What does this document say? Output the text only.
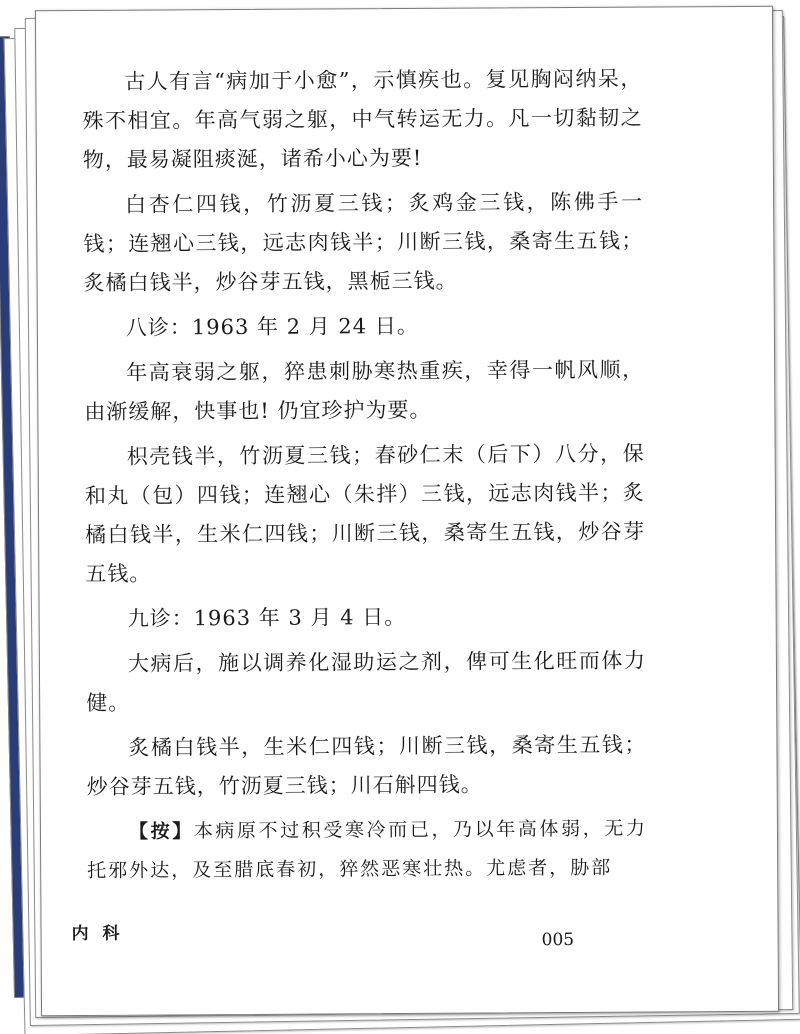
古人有言“病加于小愈”，示慎疾也。复见胸闷纳呆，殊不相宜。年高气弱之躯，中气转运无力。凡一切黏韧之物，最易凝阻痰涎，诸希小心为要!

白杏仁四钱，竹沥夏三钱；炙鸡金三钱，陈佛手一钱；连翘心三钱，远志肉钱半；川断三钱，桑寄生五钱；炙橘白钱半，炒谷芽五钱，黑栀三钱。

八诊：1963 年 2 月 24 日。

年高衰弱之躯，猝患刺胁寒热重疾，幸得一帆风顺，由渐缓解，快事也! 仍宜珍护为要。

枳壳钱半，竹沥夏三钱；春砂仁末（后下）八分，保和丸（包）四钱；连翘心（朱拌）三钱，远志肉钱半；炙橘白钱半，生米仁四钱；川断三钱，桑寄生五钱，炒谷芽五钱。

九诊：1963 年 3 月 4 日。

大病后，施以调养化湿助运之剂，俾可生化旺而体力健。

炙橘白钱半，生米仁四钱；川断三钱，桑寄生五钱；炒谷芽五钱，竹沥夏三钱；川石斛四钱。

【按】本病原不过积受寒冷而已，乃以年高体弱，无力托邪外达，及至腊底春初，猝然恶寒壮热。尤虑者，胁部

内 科	005
